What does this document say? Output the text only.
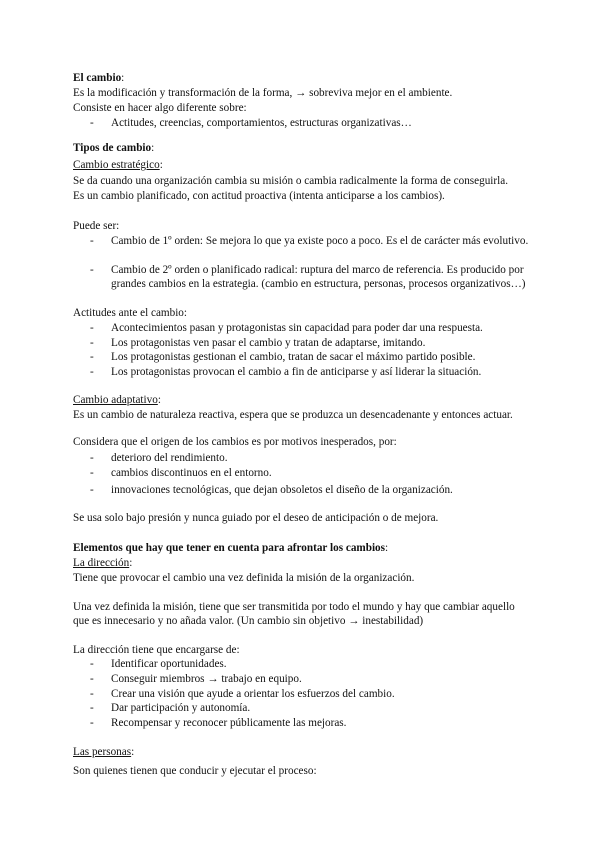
El cambio:
Es la modificación y transformación de la forma, → sobreviva mejor en el ambiente.
Consiste en hacer algo diferente sobre:
- Actitudes, creencias, comportamientos, estructuras organizativas…
Tipos de cambio:
Cambio estratégico:
Se da cuando una organización cambia su misión o cambia radicalmente la forma de conseguirla.
Es un cambio planificado, con actitud proactiva (intenta anticiparse a los cambios).
Puede ser:
- Cambio de 1º orden: Se mejora lo que ya existe poco a poco. Es el de carácter más evolutivo.
- Cambio de 2º orden o planificado radical: ruptura del marco de referencia. Es producido por
grandes cambios en la estrategia. (cambio en estructura, personas, procesos organizativos…)
Actitudes ante el cambio:
- Acontecimientos pasan y protagonistas sin capacidad para poder dar una respuesta.
- Los protagonistas ven pasar el cambio y tratan de adaptarse, imitando.
- Los protagonistas gestionan el cambio, tratan de sacar el máximo partido posible.
- Los protagonistas provocan el cambio a fin de anticiparse y así liderar la situación.
Cambio adaptativo:
Es un cambio de naturaleza reactiva, espera que se produzca un desencadenante y entonces actuar.
Considera que el origen de los cambios es por motivos inesperados, por:
- deterioro del rendimiento.
- cambios discontinuos en el entorno.
- innovaciones tecnológicas, que dejan obsoletos el diseño de la organización.
Se usa solo bajo presión y nunca guiado por el deseo de anticipación o de mejora.
Elementos que hay que tener en cuenta para afrontar los cambios:
La dirección:
Tiene que provocar el cambio una vez definida la misión de la organización.
Una vez definida la misión, tiene que ser transmitida por todo el mundo y hay que cambiar aquello
que es innecesario y no añada valor. (Un cambio sin objetivo → inestabilidad)
La dirección tiene que encargarse de:
- Identificar oportunidades.
- Conseguir miembros → trabajo en equipo.
- Crear una visión que ayude a orientar los esfuerzos del cambio.
- Dar participación y autonomía.
- Recompensar y reconocer públicamente las mejoras.
Las personas:
Son quienes tienen que conducir y ejecutar el proceso:
